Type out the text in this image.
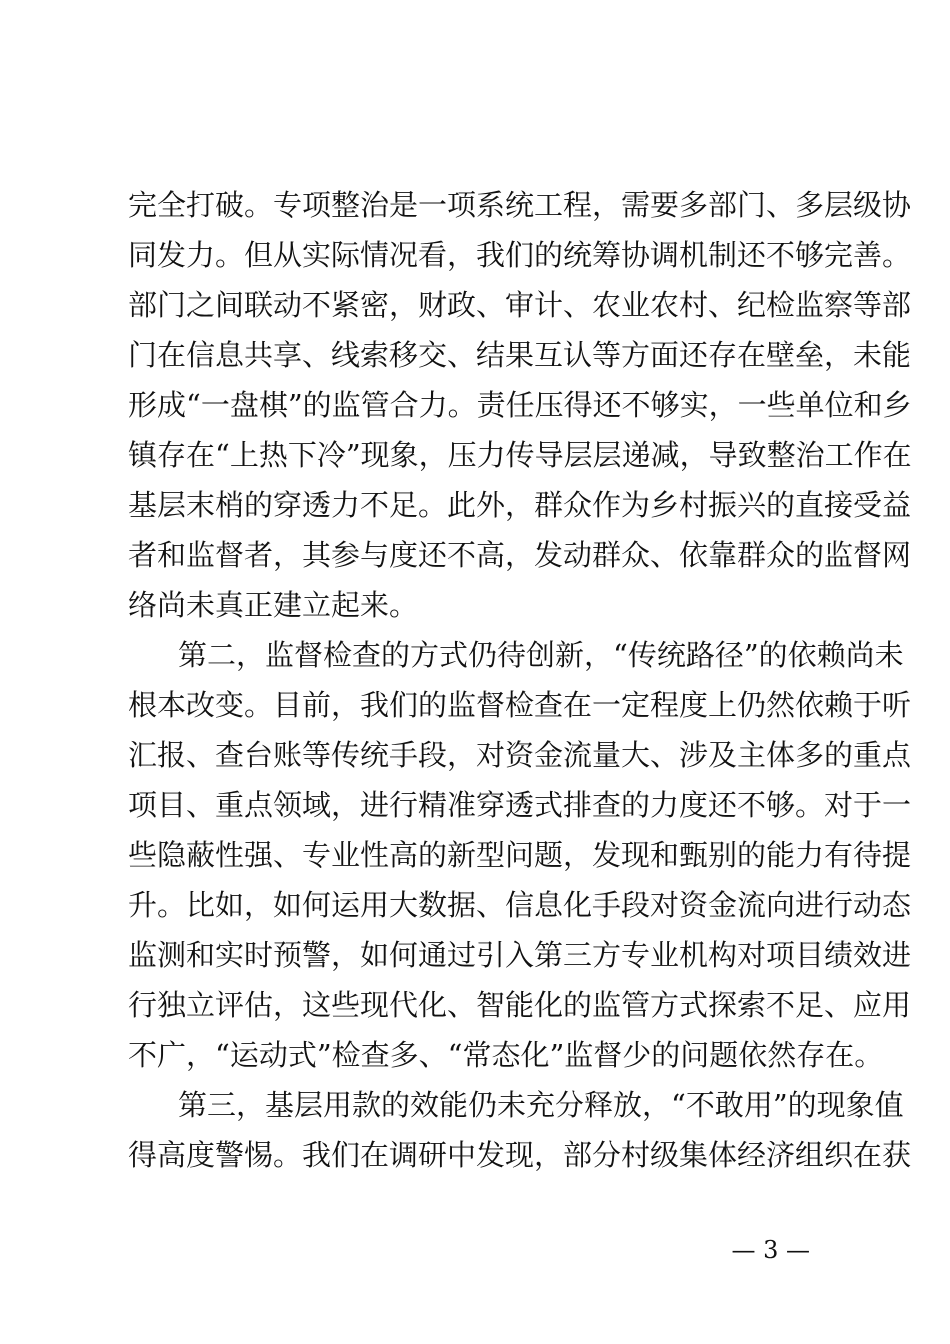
完全打破。专项整治是一项系统工程，需要多部门、多层级协
同发力。但从实际情况看，我们的统筹协调机制还不够完善。
部门之间联动不紧密，财政、审计、农业农村、纪检监察等部
门在信息共享、线索移交、结果互认等方面还存在壁垒，未能
形成“一盘棋”的监管合力。责任压得还不够实，一些单位和乡
镇存在“上热下冷”现象，压力传导层层递减，导致整治工作在
基层末梢的穿透力不足。此外，群众作为乡村振兴的直接受益
者和监督者，其参与度还不高，发动群众、依靠群众的监督网
络尚未真正建立起来。
第二，监督检查的方式仍待创新，“传统路径”的依赖尚未
根本改变。目前，我们的监督检查在一定程度上仍然依赖于听
汇报、查台账等传统手段，对资金流量大、涉及主体多的重点
项目、重点领域，进行精准穿透式排查的力度还不够。对于一
些隐蔽性强、专业性高的新型问题，发现和甄别的能力有待提
升。比如，如何运用大数据、信息化手段对资金流向进行动态
监测和实时预警，如何通过引入第三方专业机构对项目绩效进
行独立评估，这些现代化、智能化的监管方式探索不足、应用
不广，“运动式”检查多、“常态化”监督少的问题依然存在。
第三，基层用款的效能仍未充分释放，“不敢用”的现象值
得高度警惕。我们在调研中发现，部分村级集体经济组织在获
— 3 —
